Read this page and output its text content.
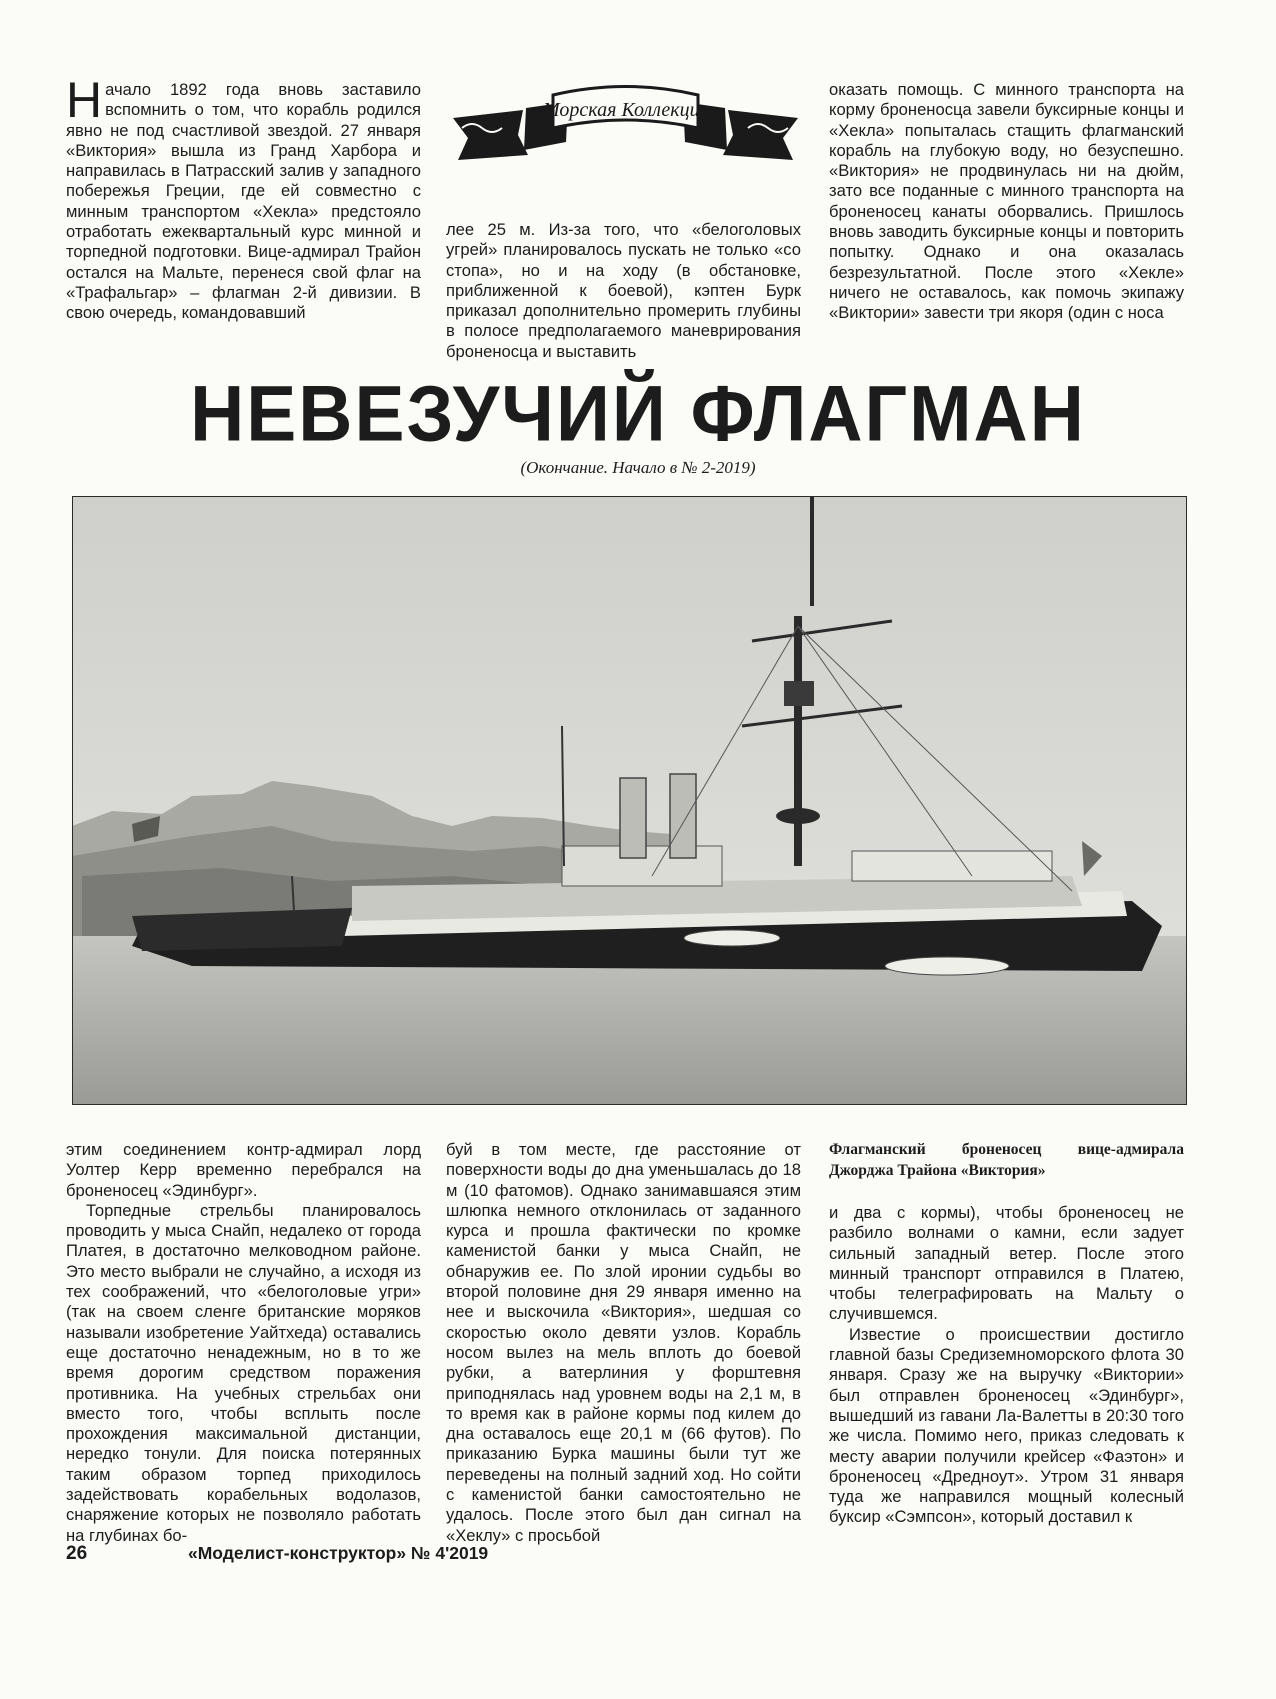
Начало 1892 года вновь заставило вспомнить о том, что корабль родился явно не под счастливой звездой. 27 января «Виктория» вышла из Гранд Харбора и направилась в Патрасский залив у западного побережья Греции, где ей совместно с минным транспортом «Хекла» предстояло отработать ежеквартальный курс минной и торпедной подготовки. Вице-адмирал Трайон остался на Мальте, перенеся свой флаг на «Трафальгар» – флагман 2-й дивизии. В свою очередь, командовавший

Морская Коллекция

лее 25 м. Из-за того, что «белоголовых угрей» планировалось пускать не только «со стопа», но и на ходу (в обстановке, приближенной к боевой), кэптен Бурк приказал дополнительно промерить глубины в полосе предполагаемого маневрирования броненосца и выставить

оказать помощь. С минного транспорта на корму броненосца завели буксирные концы и «Хекла» попыталась стащить флагманский корабль на глубокую воду, но безуспешно. «Виктория» не продвинулась ни на дюйм, зато все поданные с минного транспорта на броненосец канаты оборвались. Пришлось вновь заводить буксирные концы и повторить попытку. Однако и она оказалась безрезультатной. После этого «Хекле» ничего не оставалось, как помочь экипажу «Виктории» завести три якоря (один с носа

НЕВЕЗУЧИЙ ФЛАГМАН
(Окончание. Начало в № 2-2019)

этим соединением контр-адмирал лорд Уолтер Керр временно перебрался на броненосец «Эдинбург».

Торпедные стрельбы планировалось проводить у мыса Снайп, недалеко от города Платея, в достаточно мелководном районе. Это место выбрали не случайно, а исходя из тех соображений, что «белоголовые угри» (так на своем сленге британские моряков называли изобретение Уайтхеда) оставались еще достаточно ненадежным, но в то же время дорогим средством поражения противника. На учебных стрельбах они вместо того, чтобы всплыть после прохождения максимальной дистанции, нередко тонули. Для поиска потерянных таким образом торпед приходилось задействовать корабельных водолазов, снаряжение которых не позволяло работать на глубинах бо-

буй в том месте, где расстояние от поверхности воды до дна уменьшалась до 18 м (10 фатомов). Однако занимавшаяся этим шлюпка немного отклонилась от заданного курса и прошла фактически по кромке каменистой банки у мыса Снайп, не обнаружив ее. По злой иронии судьбы во второй половине дня 29 января именно на нее и выскочила «Виктория», шедшая со скоростью около девяти узлов. Корабль носом вылез на мель вплоть до боевой рубки, а ватерлиния у форштевня приподнялась над уровнем воды на 2,1 м, в то время как в районе кормы под килем до дна оставалось еще 20,1 м (66 футов). По приказанию Бурка машины были тут же переведены на полный задний ход. Но сойти с каменистой банки самостоятельно не удалось. После этого был дан сигнал на «Хеклу» с просьбой

Флагманский броненосец вице-адмирала Джорджа Трайона «Виктория»

и два с кормы), чтобы броненосец не разбило волнами о камни, если задует сильный западный ветер. После этого минный транспорт отправился в Платею, чтобы телеграфировать на Мальту о случившемся.

Известие о происшествии достигло главной базы Средиземноморского флота 30 января. Сразу же на выручку «Виктории» был отправлен броненосец «Эдинбург», вышедший из гавани Ла-Валетты в 20:30 того же числа. Помимо него, приказ следовать к месту аварии получили крейсер «Фаэтон» и броненосец «Дредноут». Утром 31 января туда же направился мощный колесный буксир «Сэмпсон», который доставил к

26	«Моделист-конструктор» № 4'2019
